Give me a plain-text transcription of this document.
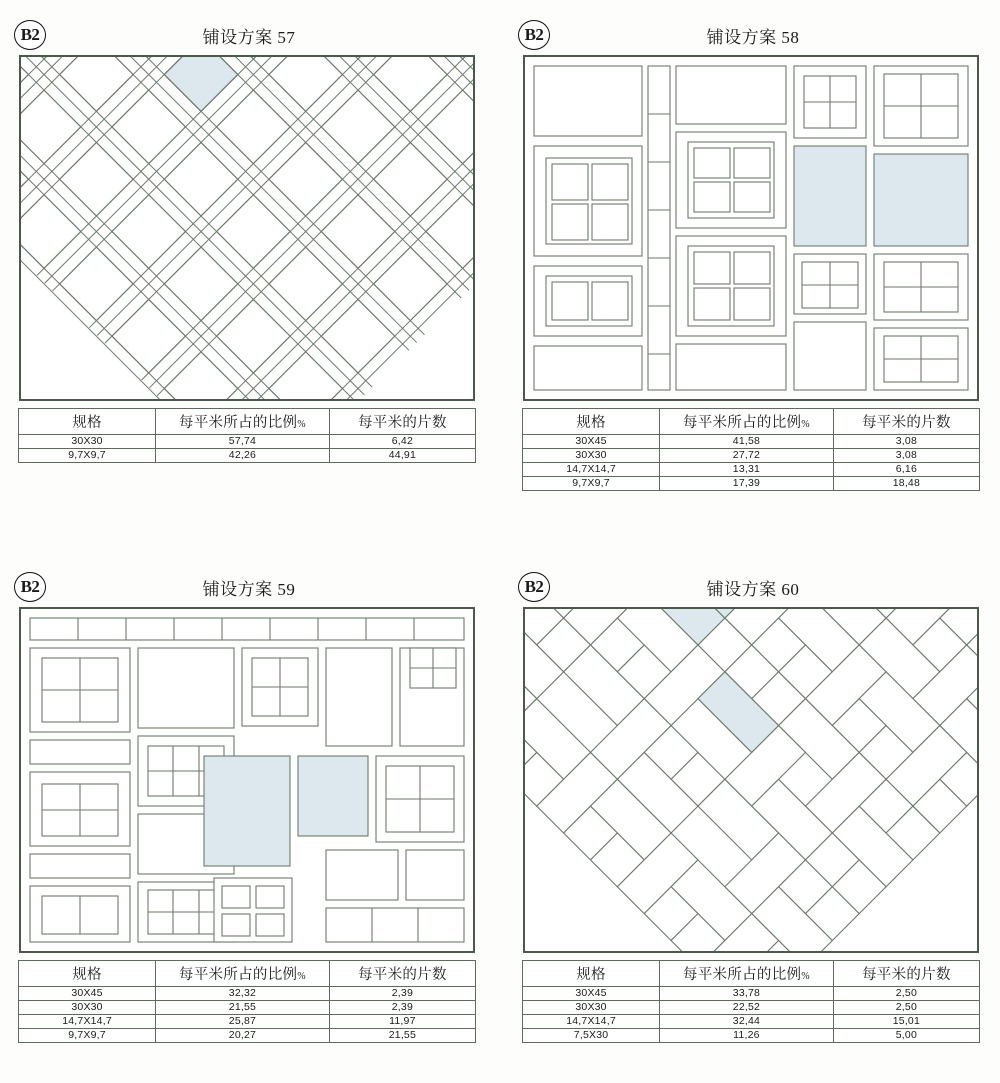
B2	铺设方案 57
规格	每平米所占的比例%	每平米的片数
30X30	57,74	6,42
9,7X9,7	42,26	44,91
B2	铺设方案 58
规格	每平米所占的比例%	每平米的片数
30X45	41,58	3,08
30X30	27,72	3,08
14,7X14,7	13,31	6,16
9,7X9,7	17,39	18,48
B2	铺设方案 59
规格	每平米所占的比例%	每平米的片数
30X45	32,32	2,39
30X30	21,55	2,39
14,7X14,7	25,87	11,97
9,7X9,7	20,27	21,55
B2	铺设方案 60
规格	每平米所占的比例%	每平米的片数
30X45	33,78	2,50
30X30	22,52	2,50
14,7X14,7	32,44	15,01
7,5X30	11,26	5,00
